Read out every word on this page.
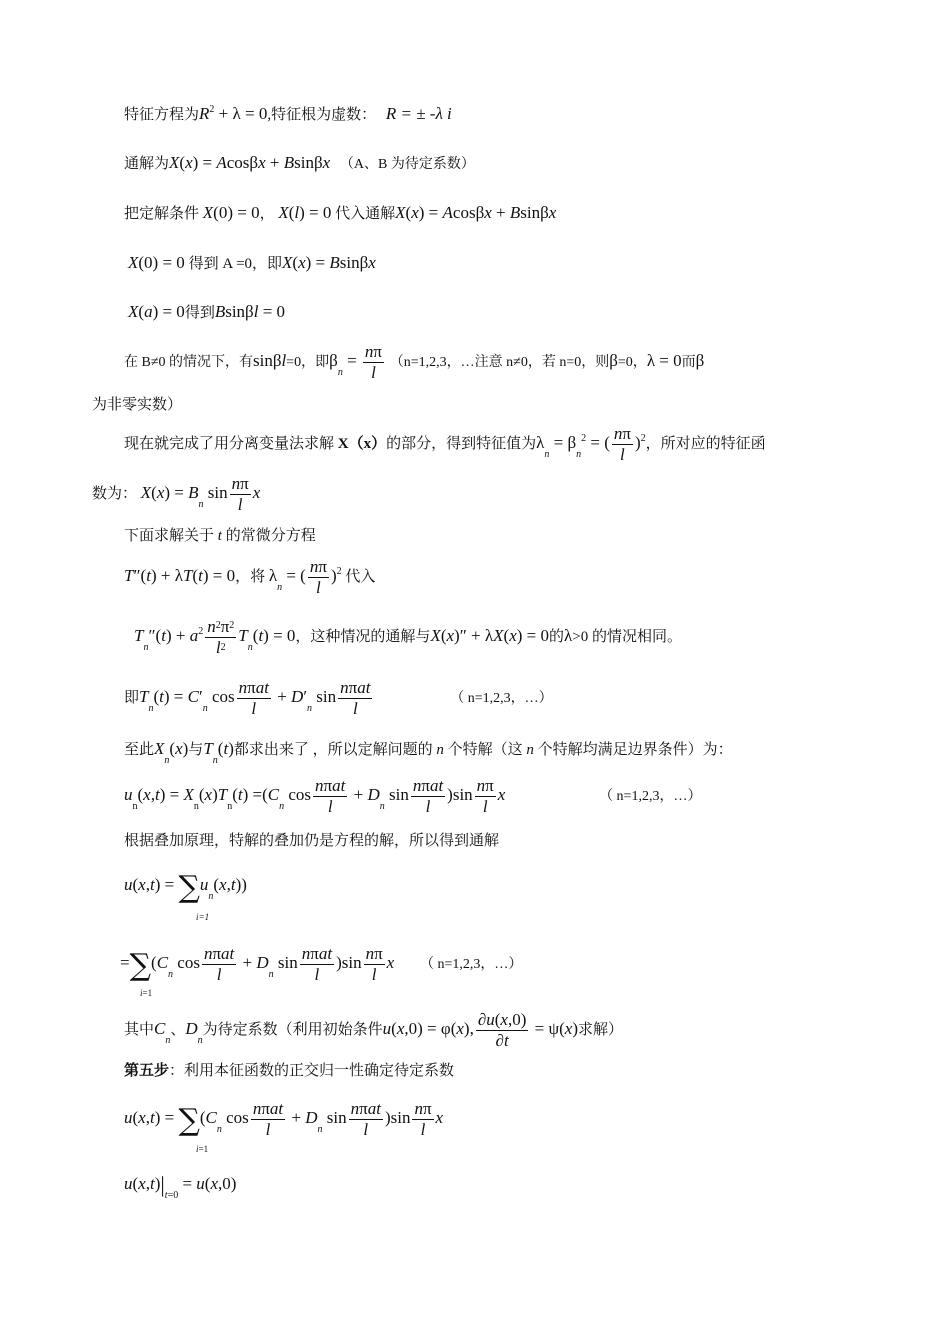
特征方程为$R^2 + \lambda = 0$,特征根为虚数： R = ± -λ i
通解为X(x) = Acosβx + Bsinβx （A、B 为待定系数）
把定解条件 X(0) = 0， X(l) = 0 代入通解X(x) = Acosβx + Bsinβx
X(0) = 0 得到 A =0，即X(x) = Bsinβx
X(a) = 0得到Bsinβl = 0
在 B≠0 的情况下，有sinβl=0，即$\beta_n = \frac{n\pi}{l} (n=1,2,3$，…注意 n≠0，若 n=0，则β=0，λ = 0而β
为非零实数）
现在就完成了用分离变量法求解 X（x）的部分，得到特征值为$\lambda_n = \beta_n^2$ = ( $\frac{n\pi}{l} )^2$，所对应的特征函
数为： $X(x) = B_n$ $\sin \frac{n\pi}{l}$ x
下面求解关于 t 的常微分方程
T″(t) + λT(t) = 0，将 $\lambda_n$ = ( $\frac{n\pi}{l} )^2$ 代入
$T_n''(t) + a^2 \frac{n^2\pi^2}{l2} T_n(t) = 0$，这种情况的通解与X(x)″ + λX(x) = 0的λ>0 的情况相同。
即$T_n(t) = C'_n$ cos nπat
l
+ $D'_n$ sin nπat
l
（ n=1,2,3，…）
至此$X_n(x)$与$T_n(t)$都求出来了 ，所以定解问题的 n 个特解（这 n 个特解均满足边界条件）为：
$u_n(x,t) = X_n(x)T_n(t) =(C_n$ cos nπat
l
+ $D_n$ sin nπat
l
)$\sin \frac{n\pi}{l}$ x	（ n=1,2,3，…）
根据叠加原理，特解的叠加仍是方程的解，所以得到通解
$u(x,t) = \sum u_n(x,t)$)
i=1
$=\sum(C_n$ cos nπat
l
+ $D_n$ sin nπat
l
)$\sin \frac{n\pi}{l}$ x （ n=1,2,3，…）
i=1
其中$C_n$、$D_n$为待定系数（利用初始条件u(x,0) = φ(x), $\frac{\partial u(x,0)}{\partial t} = \psi(x)$求解）
第五步：利用本征函数的正交归一性确定待定系数
$u(x,t) = \sum(C_n$ cos nπat
l
+ $D_n$ sin nπat
l
)$\sin \frac{n\pi}{l}$ x
i=1
$u(x,t)|_{t=0} = u(x,0)$
